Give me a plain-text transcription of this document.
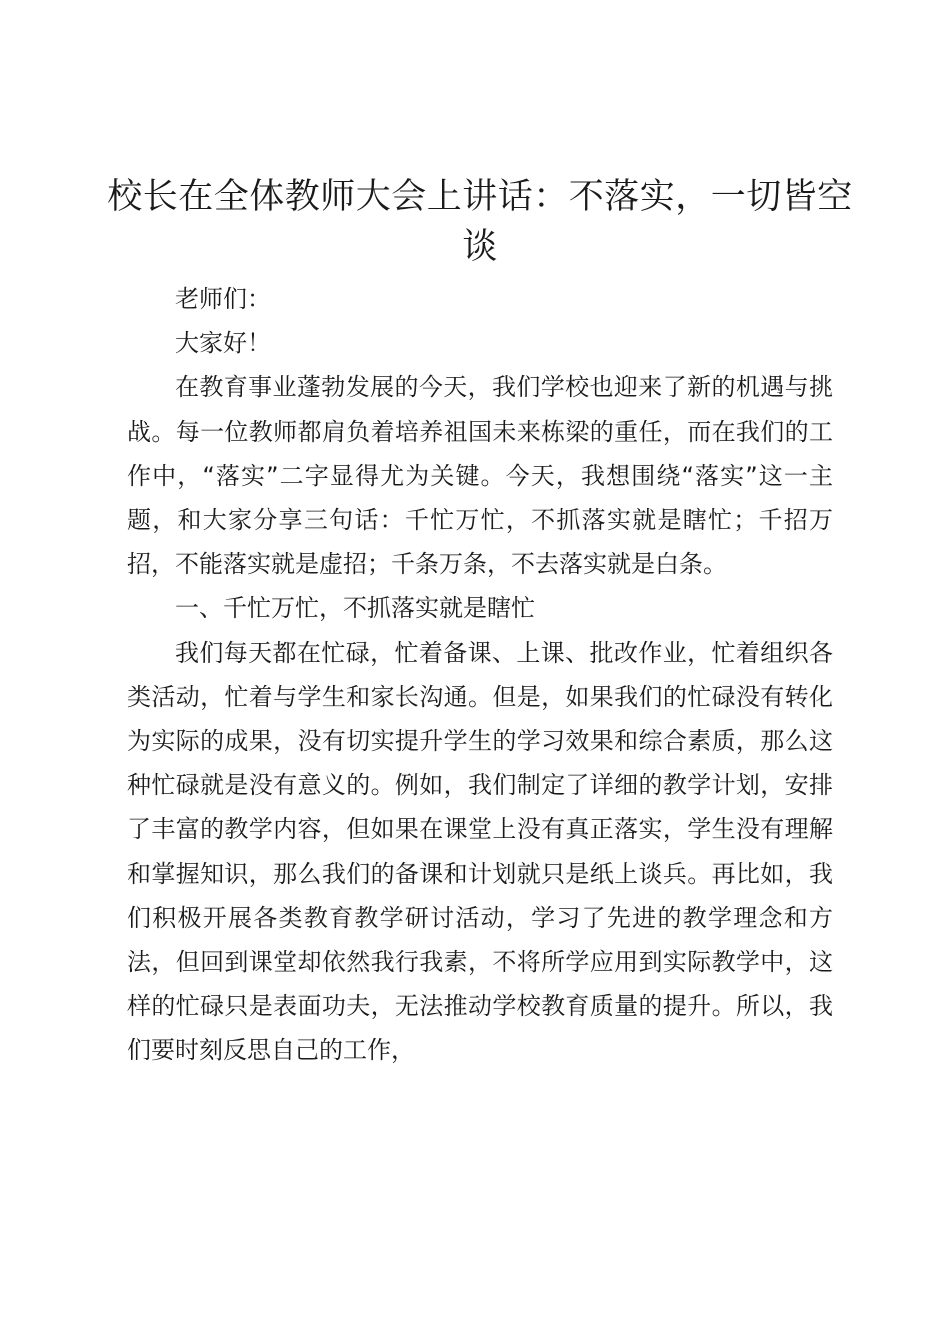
校长在全体教师大会上讲话：不落实，一切皆空谈

老师们：

大家好！

在教育事业蓬勃发展的今天，我们学校也迎来了新的机遇与挑战。每一位教师都肩负着培养祖国未来栋梁的重任，而在我们的工作中，“落实”二字显得尤为关键。今天，我想围绕“落实”这一主题，和大家分享三句话：千忙万忙，不抓落实就是瞎忙；千招万招，不能落实就是虚招；千条万条，不去落实就是白条。

一、千忙万忙，不抓落实就是瞎忙

我们每天都在忙碌，忙着备课、上课、批改作业，忙着组织各类活动，忙着与学生和家长沟通。但是，如果我们的忙碌没有转化为实际的成果，没有切实提升学生的学习效果和综合素质，那么这种忙碌就是没有意义的。例如，我们制定了详细的教学计划，安排了丰富的教学内容，但如果在课堂上没有真正落实，学生没有理解和掌握知识，那么我们的备课和计划就只是纸上谈兵。再比如，我们积极开展各类教育教学研讨活动，学习了先进的教学理念和方法，但回到课堂却依然我行我素，不将所学应用到实际教学中，这样的忙碌只是表面功夫，无法推动学校教育质量的提升。所以，我们要时刻反思自己的工作，
